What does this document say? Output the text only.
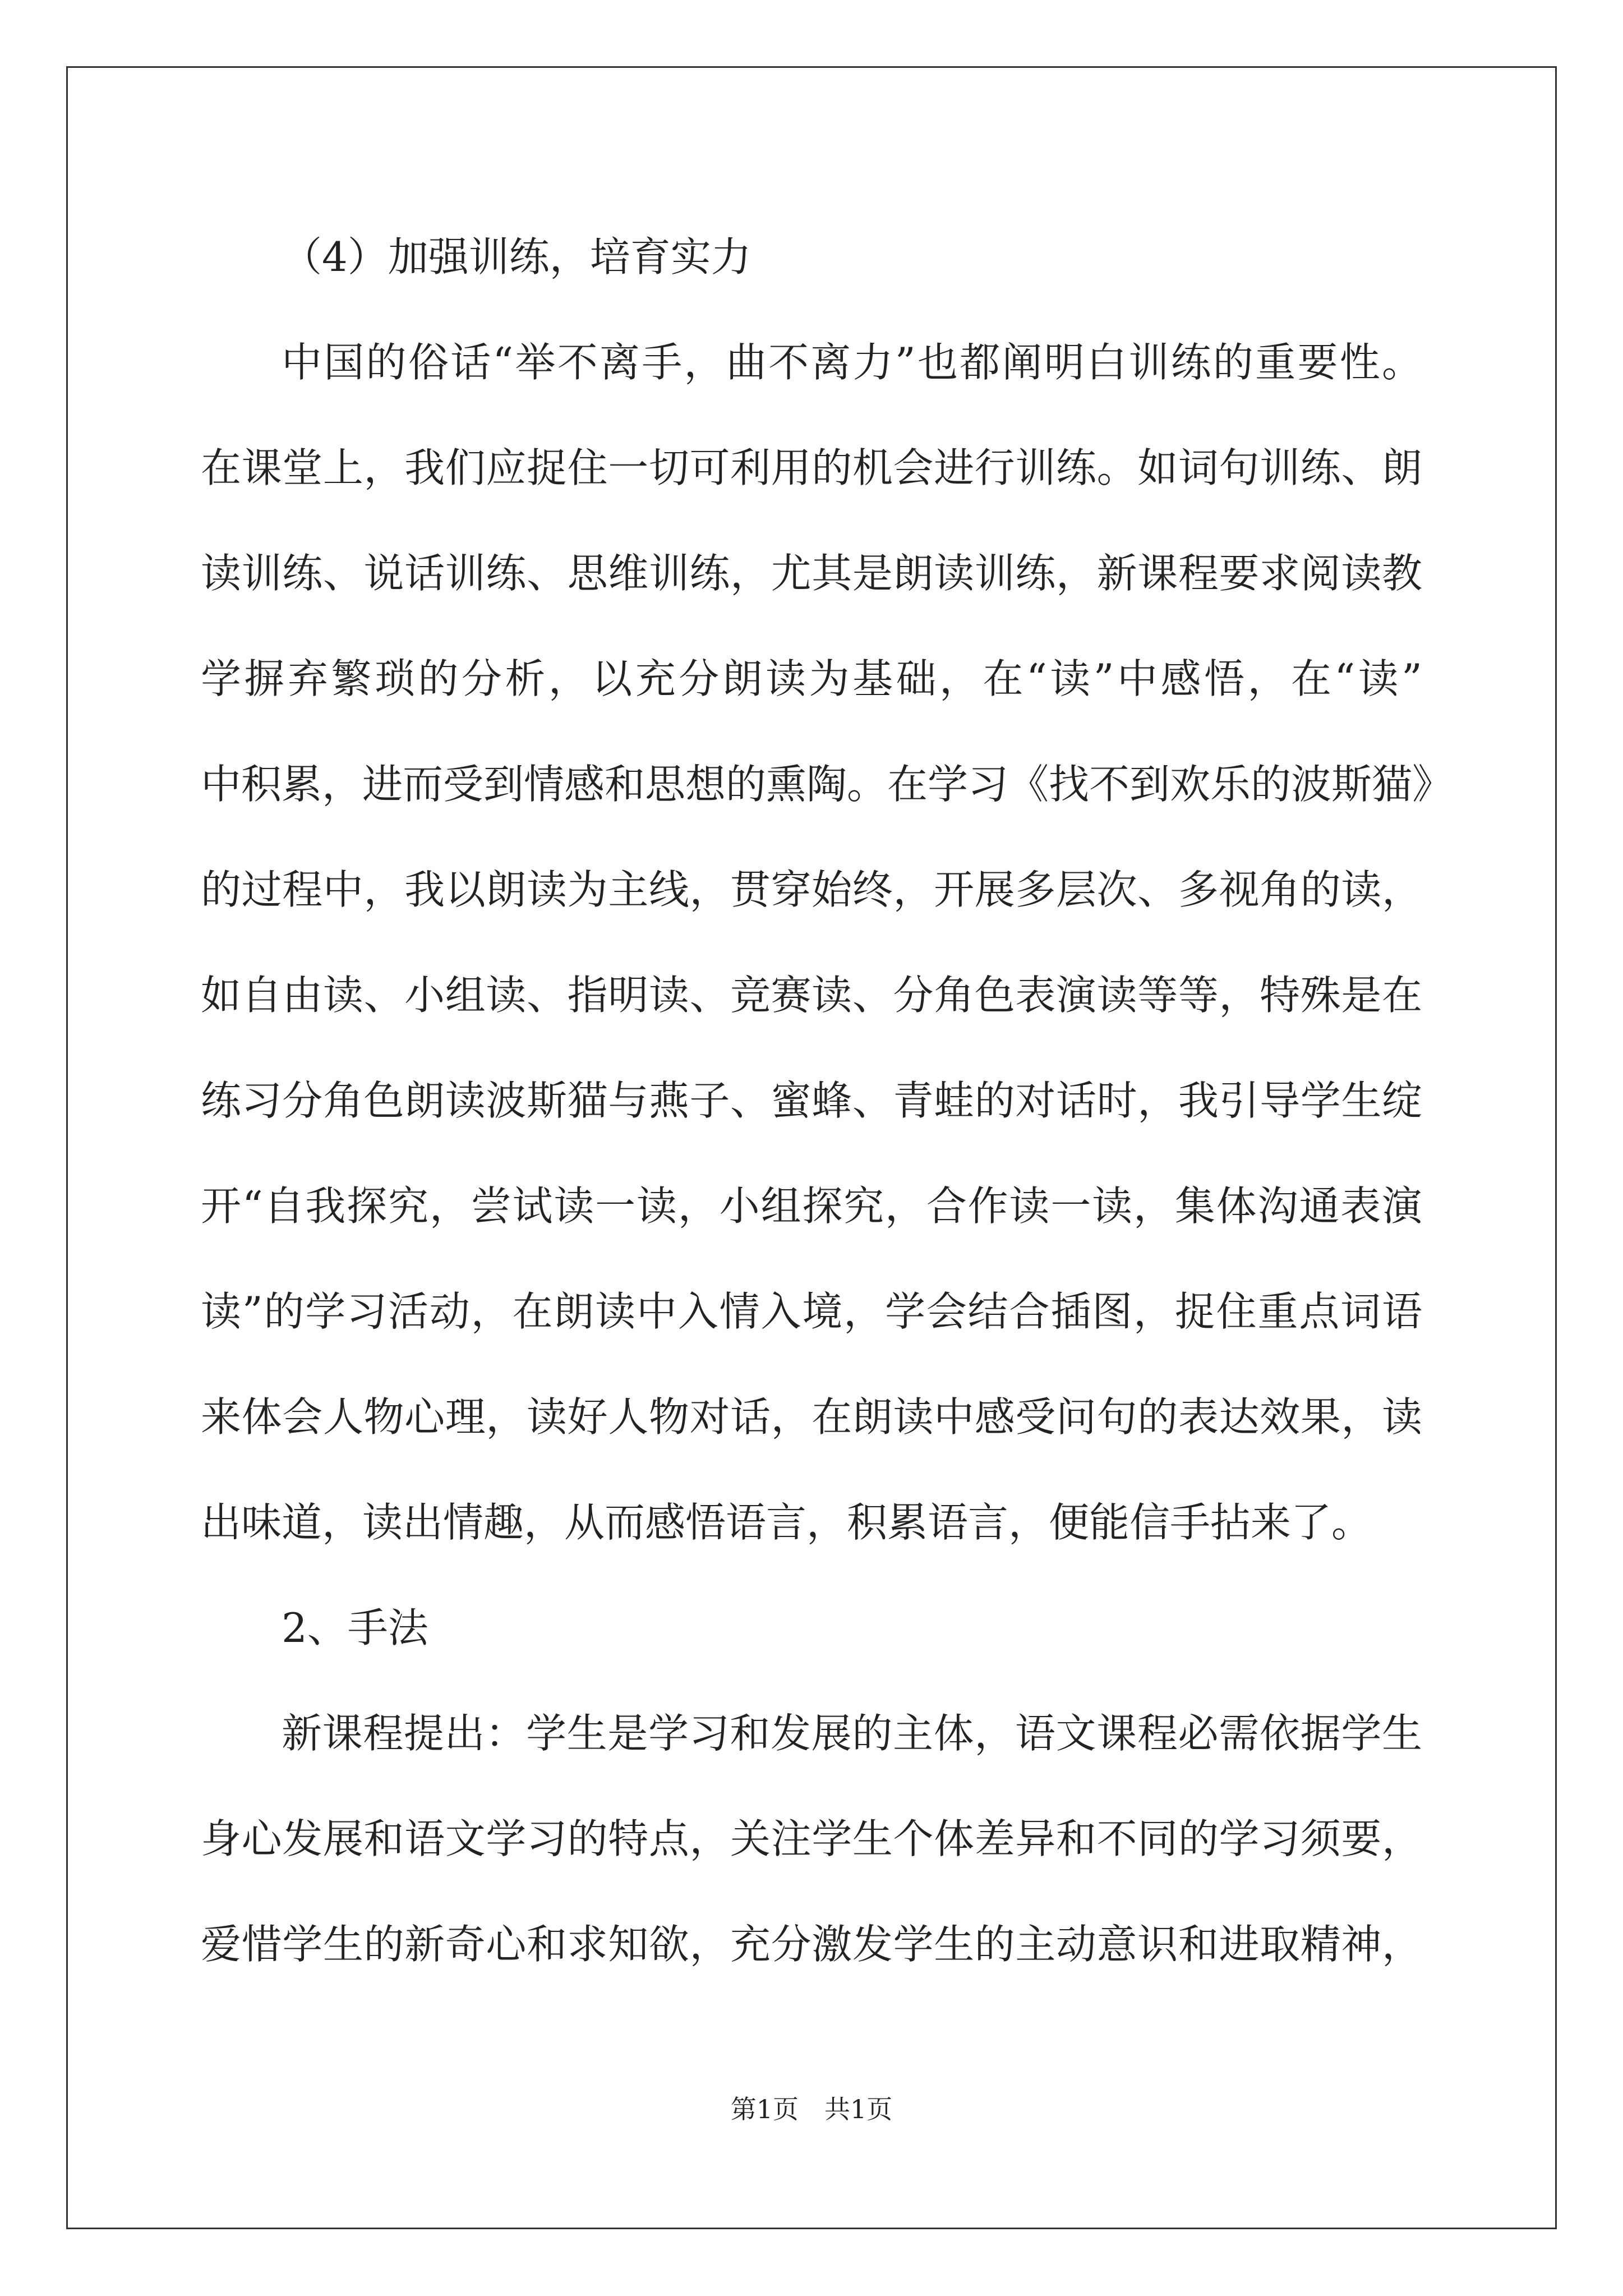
（4）加强训练，培育实力
中国的俗话“举不离手，曲不离力”也都阐明白训练的重要性。
在课堂上，我们应捉住一切可利用的机会进行训练。如词句训练、朗
读训练、说话训练、思维训练，尤其是朗读训练，新课程要求阅读教
学摒弃繁琐的分析，以充分朗读为基础，在“读”中感悟，在“读”
中积累，进而受到情感和思想的熏陶。在学习《找不到欢乐的波斯猫》
的过程中，我以朗读为主线，贯穿始终，开展多层次、多视角的读，
如自由读、小组读、指明读、竞赛读、分角色表演读等等，特殊是在
练习分角色朗读波斯猫与燕子、蜜蜂、青蛙的对话时，我引导学生绽
开“自我探究，尝试读一读，小组探究，合作读一读，集体沟通表演
读”的学习活动，在朗读中入情入境，学会结合插图，捉住重点词语
来体会人物心理，读好人物对话，在朗读中感受问句的表达效果，读
出味道，读出情趣，从而感悟语言，积累语言，便能信手拈来了。
2、手法
新课程提出：学生是学习和发展的主体，语文课程必需依据学生
身心发展和语文学习的特点，关注学生个体差异和不同的学习须要，
爱惜学生的新奇心和求知欲，充分激发学生的主动意识和进取精神，
第1页 共1页
